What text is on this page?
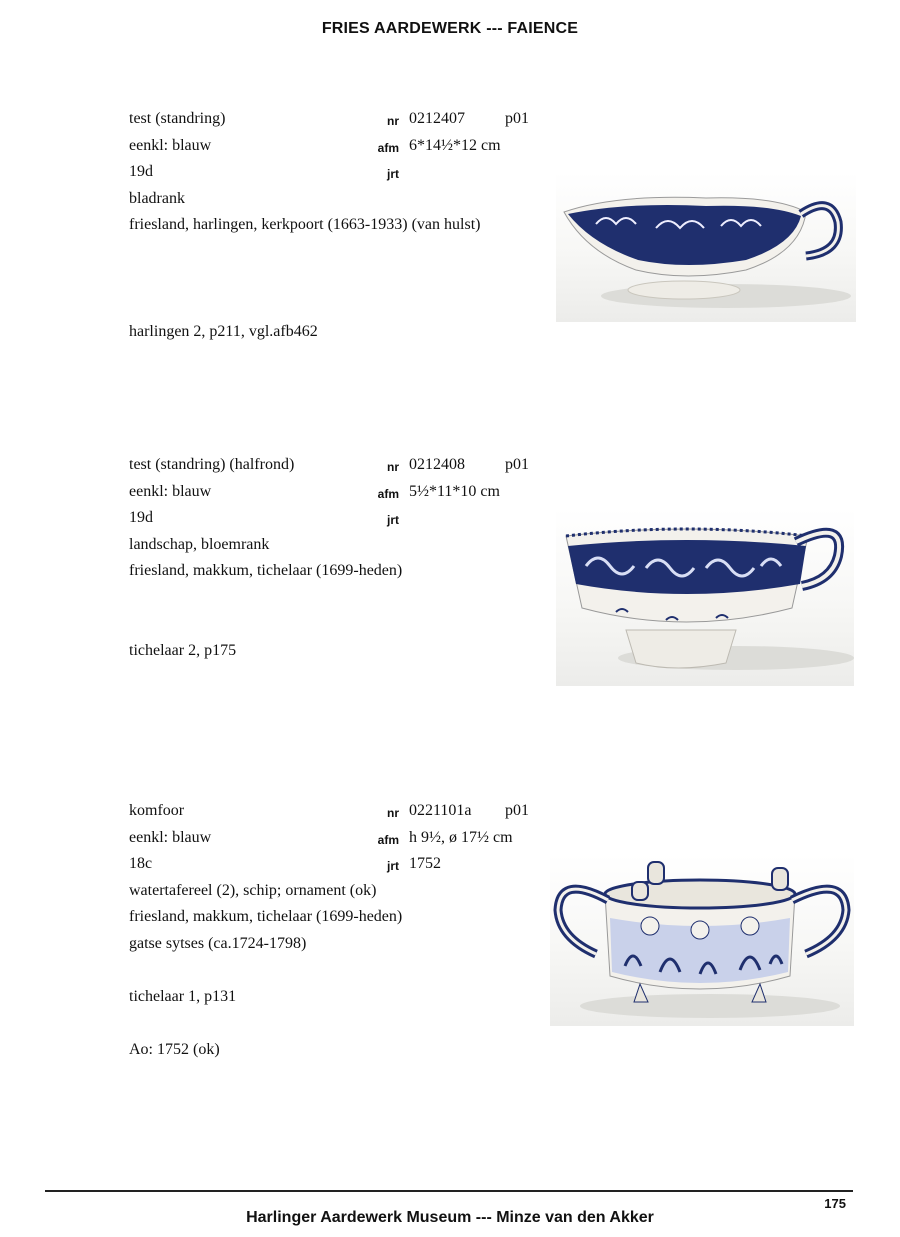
FRIES AARDEWERK --- FAIENCE
test (standring)	nr 0212407	p01
eenkl: blauw	afm 6*14½*12 cm
19d	jrt
bladrank
friesland, harlingen, kerkpoort (1663-1933) (van hulst)
harlingen 2, p211, vgl.afb462
test (standring) (halfrond)	nr 0212408	p01
eenkl: blauw	afm 5½*11*10 cm
19d	jrt
landschap, bloemrank
friesland, makkum, tichelaar (1699-heden)
tichelaar 2, p175
komfoor	nr 0221101a p01
eenkl: blauw	afm h 9½, ø 17½ cm
18c	jrt 1752
watertafereel (2), schip; ornament (ok)
friesland, makkum, tichelaar (1699-heden)
gatse sytses (ca.1724-1798)
tichelaar 1, p131
Ao: 1752 (ok)
175
Harlinger Aardewerk Museum --- Minze van den Akker
